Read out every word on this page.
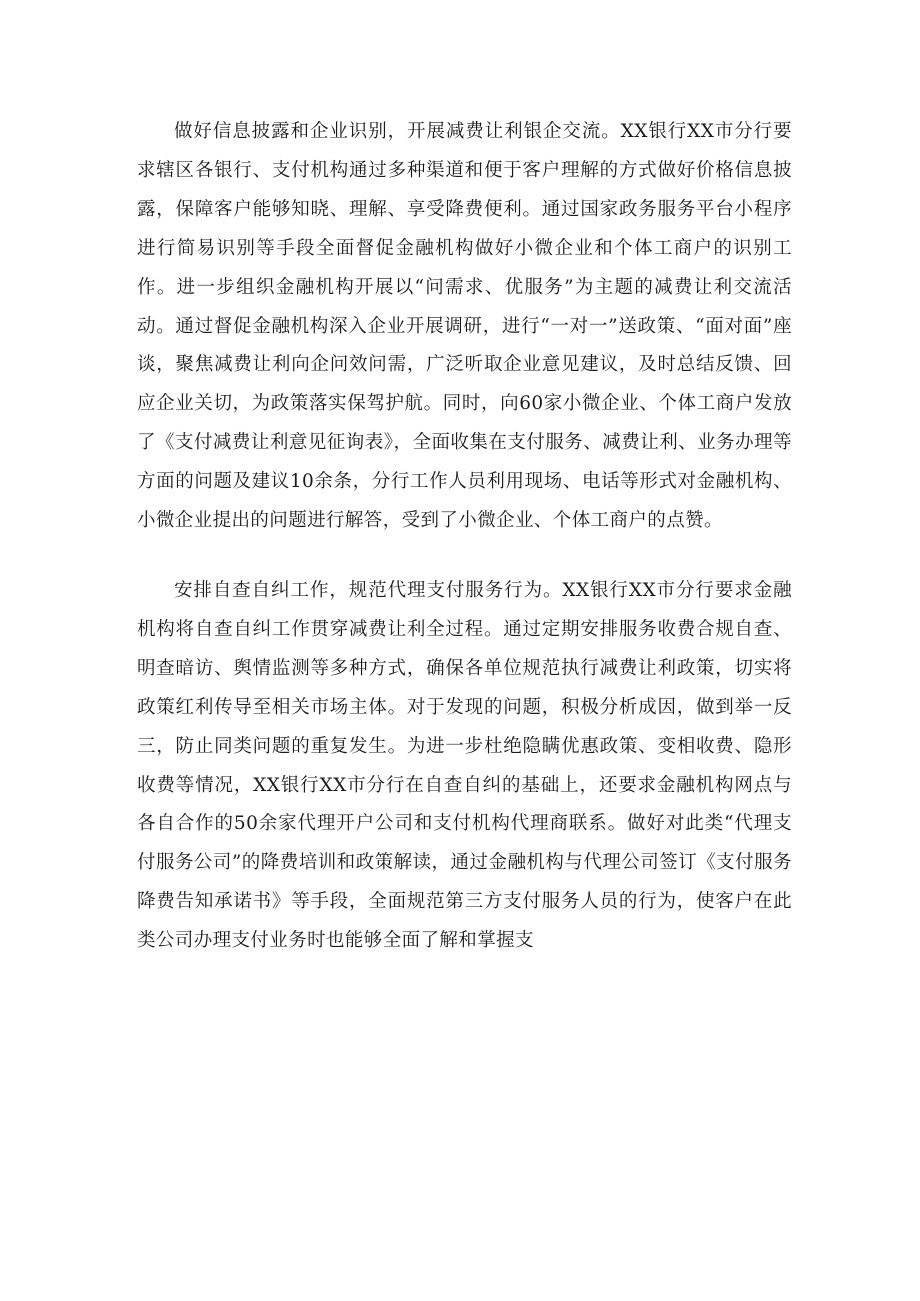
做好信息披露和企业识别，开展减费让利银企交流。XX银行XX市分行要求辖区各银行、支付机构通过多种渠道和便于客户理解的方式做好价格信息披露，保障客户能够知晓、理解、享受降费便利。通过国家政务服务平台小程序进行简易识别等手段全面督促金融机构做好小微企业和个体工商户的识别工作。进一步组织金融机构开展以“问需求、优服务”为主题的减费让利交流活动。通过督促金融机构深入企业开展调研，进行“一对一”送政策、“面对面”座谈，聚焦减费让利向企问效问需，广泛听取企业意见建议，及时总结反馈、回应企业关切，为政策落实保驾护航。同时，向60家小微企业、个体工商户发放了《支付减费让利意见征询表》，全面收集在支付服务、减费让利、业务办理等方面的问题及建议10余条，分行工作人员利用现场、电话等形式对金融机构、小微企业提出的问题进行解答，受到了小微企业、个体工商户的点赞。

安排自查自纠工作，规范代理支付服务行为。XX银行XX市分行要求金融机构将自查自纠工作贯穿减费让利全过程。通过定期安排服务收费合规自查、明查暗访、舆情监测等多种方式，确保各单位规范执行减费让利政策，切实将政策红利传导至相关市场主体。对于发现的问题，积极分析成因，做到举一反三，防止同类问题的重复发生。为进一步杜绝隐瞒优惠政策、变相收费、隐形收费等情况，XX银行XX市分行在自查自纠的基础上，还要求金融机构网点与各自合作的50余家代理开户公司和支付机构代理商联系。做好对此类“代理支付服务公司”的降费培训和政策解读，通过金融机构与代理公司签订《支付服务降费告知承诺书》等手段，全面规范第三方支付服务人员的行为，使客户在此类公司办理支付业务时也能够全面了解和掌握支
